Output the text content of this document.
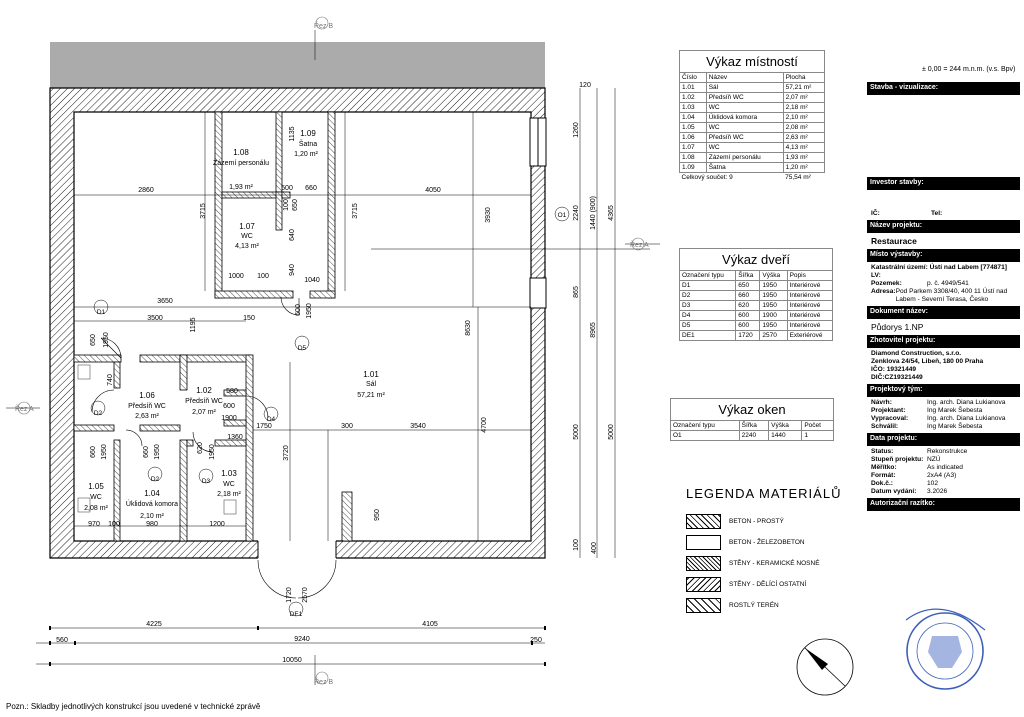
Řez B
Řez B
Řez A
Řez A
1.08
Zázemí personálu
1,93 m²
1.09
Šatna
1,20 m²
1.07
WC
4,13 m²
1.01
Sál
57,21 m²
1.06
Předsíň WC
2,63 m²
1.02
Předsíň WC
2,07 m²
1.03
WC
2,18 m²
1.04
Úklidová komora
2,10 m²
1.05
WC
2,08 m²
D1
D2
D2	D3
D4
D5
DE1
O1
4225	4105
560	9240	250
10050
2860	4050
3650
3500	150
1750	300	3540
970 100	980	1200
1000 100
1040
500 660
580
600
1900
1360
120
3715	3715	3930
1195
3720
8630
4700
950
1135
650
100
640
940
600 1950
1950
650
740
1950
660	660 1950	620 1950
1720 2570
1260
2240 1440 (900)
865
5000	5000
4365
8965
400
100
± 0,00 = 244 m.n.m. (v.s. Bpv)
Výkaz místností
Číslo	Název	Plocha
1.01	Sál	57,21 m²
1.02	Předsíň WC	2,07 m²
1.03	WC	2,18 m²
1.04	Úklidová komora	2,10 m²
1.05	WC	2,08 m²
1.06	Předsíň WC	2,63 m²
1.07	WC	4,13 m²
1.08	Zázemí personálu	1,93 m²
1.09	Šatna	1,20 m²
Celkový součet: 9		75,54 m²
Výkaz dveří
Označení typu	Šířka	Výška	Popis
D1	650	1950	Interiérové
D2	660	1950	Interiérové
D3	620	1950	Interiérové
D4	600	1900	Interiérové
D5	600	1950	Interiérové
DE1	1720	2570	Exteriérové
Výkaz oken
Označení typu	Šířka	Výška	Počet
O1	2240	1440	1
LEGENDA MATERIÁLŮ
BETON - PROSTÝ
BETON - ŽELEZOBETON
STĚNY - KERAMICKÉ NOSNÉ
STĚNY - DĚLÍCÍ OSTATNÍ
ROSTLÝ TERÉN
Stavba - vizualizace:
Investor stavby:
IČ:	Tel:
Název projektu:
Restaurace
Místo výstavby:
Katastrální území: Ústí nad Labem [774871]
LV:
Pozemek:	p. č. 4949/541
Adresa: Pod Parkem 3308/40, 400 11 Ústí nad Labem - Severní Terasa, Česko
Dokument název:
Půdorys 1.NP
Zhotovitel projektu:
Diamond Construction, s.r.o.
Zenklova 24/54, Libeň, 180 00 Praha
IČO: 19321449
DIČ:CZ19321449
Projektový tým:
Návrh:	Ing. arch. Diana Lukianova
Projektant:	Ing Marek Šebesta
Vypracoval:	Ing. arch. Diana Lukianova
Schválil:	Ing Marek Šebesta
Data projektu:
Status:	Rekonstrukce
Stupeň projektu: NZÚ
Měřítko:	As indicated
Formát:	2xA4 (A3)
Dok.č.:	102
Datum vydání:	3.2026
Autorizační razítko:
Pozn.: Skladby jednotlivých konstrukcí jsou uvedené v technické zprávě
